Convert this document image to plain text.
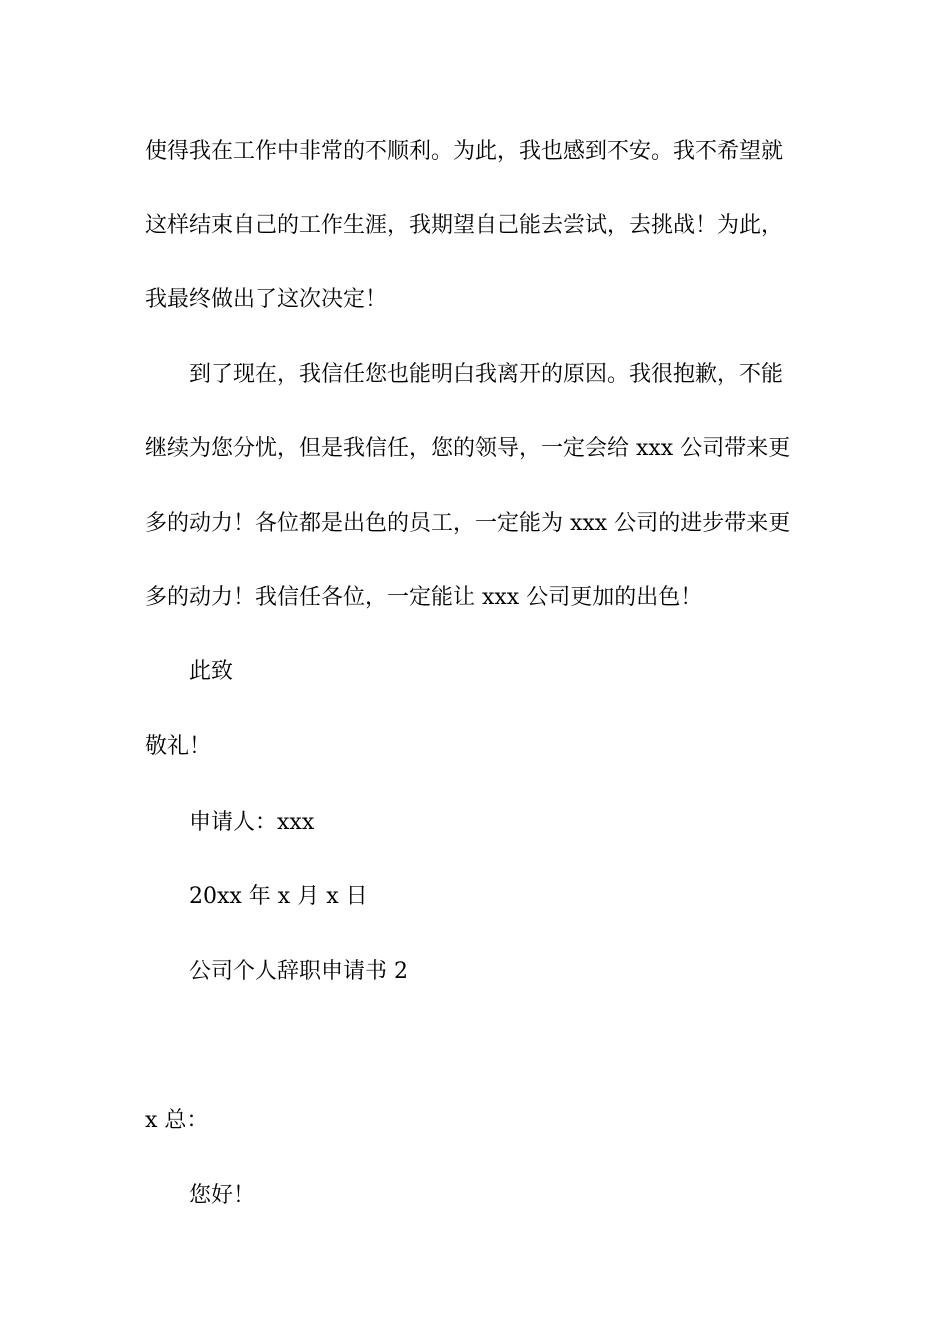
使得我在工作中非常的不顺利。为此，我也感到不安。我不希望就
这样结束自己的工作生涯，我期望自己能去尝试，去挑战！为此，
我最终做出了这次决定！
到了现在，我信任您也能明白我离开的原因。我很抱歉，不能
继续为您分忧，但是我信任，您的领导，一定会给 xxx 公司带来更
多的动力！各位都是出色的员工，一定能为 xxx 公司的进步带来更
多的动力！我信任各位，一定能让 xxx 公司更加的出色！
此致
敬礼！
申请人：xxx
20xx 年 x 月 x 日
公司个人辞职申请书 2
x 总：
您好！
